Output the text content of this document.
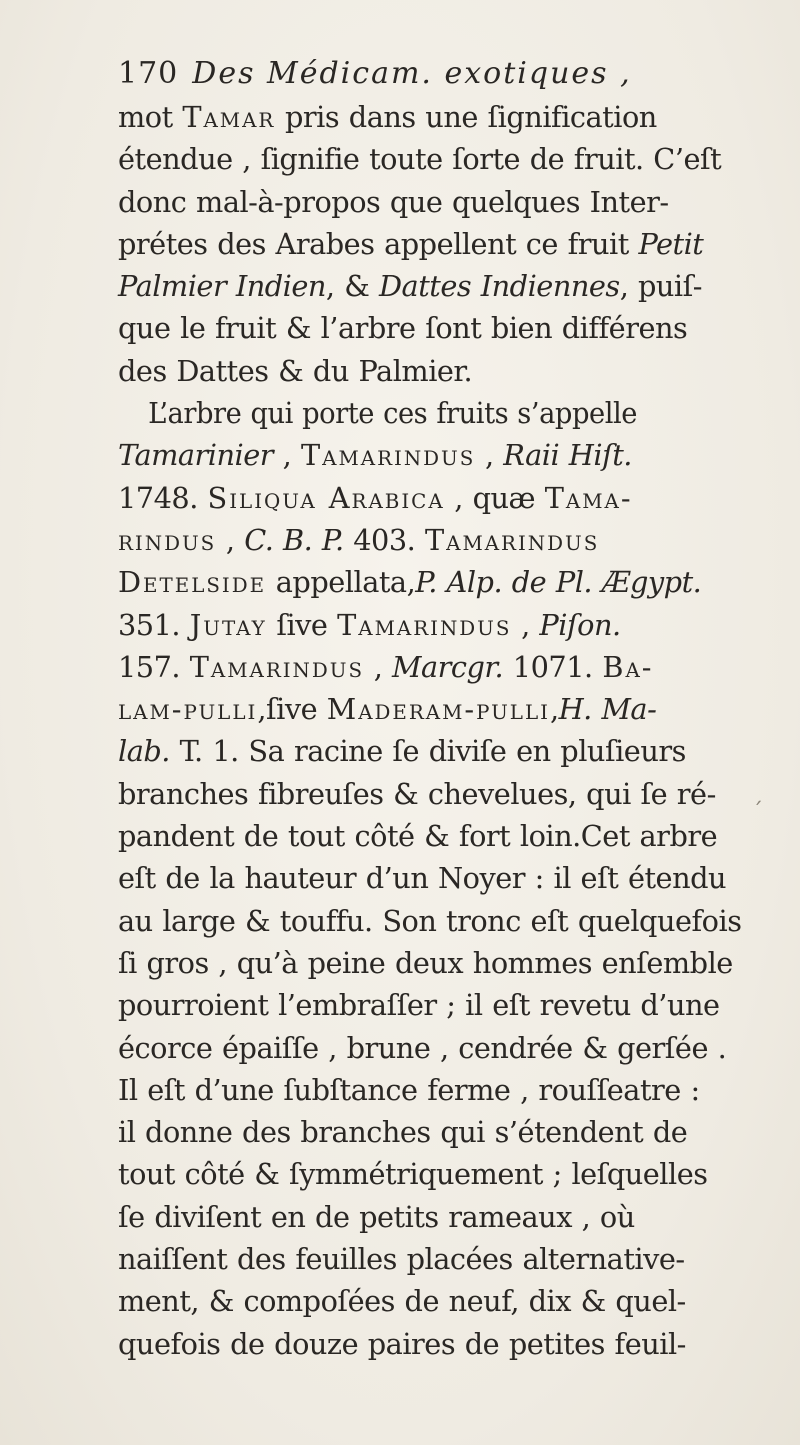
170 Des Médicam. exotiques ,
mot Tamar pris dans une ſignification
étendue , ſignifie toute ſorte de fruit. C’eſt
donc mal-à-propos que quelques Inter-
prétes des Arabes appellent ce fruit Petit
Palmier Indien, & Dattes Indiennes, puiſ-
que le fruit & l’arbre ſont bien différens
des Dattes & du Palmier.
L’arbre qui porte ces fruits s’appelle
Tamarinier , Tamarindus , Raii Hiſt.
1748. Siliqua Arabica , quæ Tama-
rindus , C. B. P. 403. Tamarindus
Detelside appellata,P. Alp. de Pl. Ægypt.
351. Jutay ſive Tamarindus , Piſon.
157. Tamarindus , Marcgr. 1071. Ba-
lam-pulli,ſive Maderam-pulli,H. Ma-
lab. T. 1. Sa racine ſe diviſe en pluſieurs
branches fibreuſes & chevelues, qui ſe ré-
pandent de tout côté & fort loin.Cet arbre
eſt de la hauteur d’un Noyer : il eſt étendu
au large & touffu. Son tronc eſt quelquefois
ſi gros , qu’à peine deux hommes enſemble
pourroient l’embraſſer ; il eſt revetu d’une
écorce épaiſſe , brune , cendrée & gerſée .
Il eſt d’une ſubſtance ferme , rouſſeatre :
il donne des branches qui s’étendent de
tout côté & ſymmétriquement ; leſquelles
ſe diviſent en de petits rameaux , où
naiſſent des feuilles placées alternative-
ment, & compoſées de neuf, dix & quel-
quefois de douze paires de petites feuil-
ˊ
